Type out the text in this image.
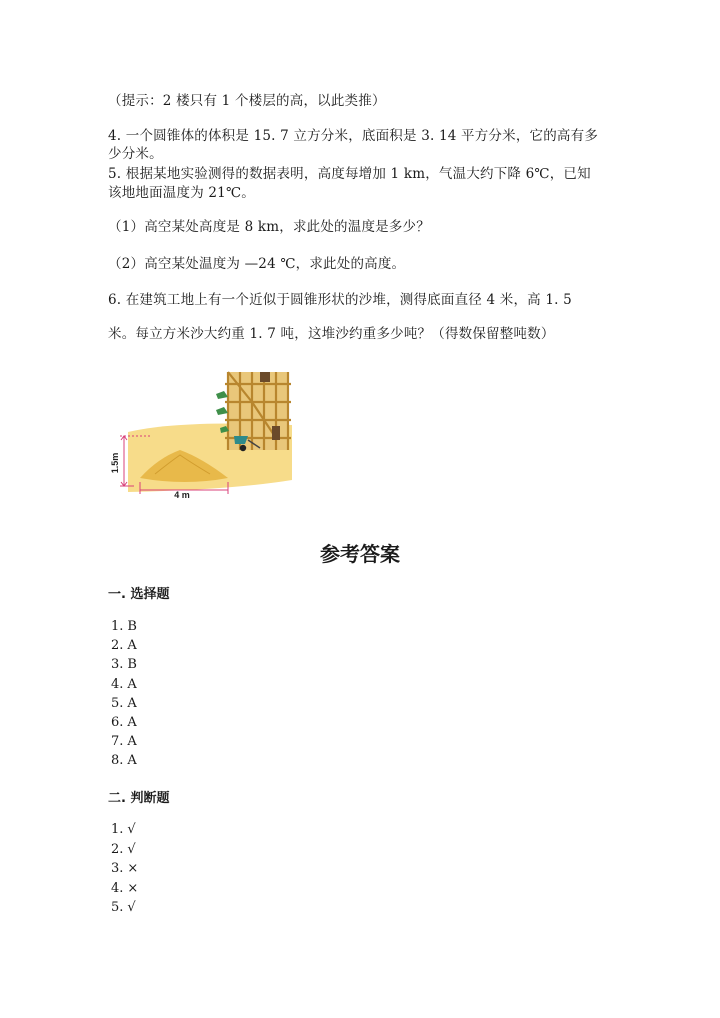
（提示：2 楼只有 1 个楼层的高，以此类推）
4. 一个圆锥体的体积是 15. 7 立方分米，底面积是 3. 14 平方分米，它的高有多
少分米。
5. 根据某地实验测得的数据表明，高度每增加 1 km，气温大约下降 6℃，已知
该地地面温度为 21℃。
（1）高空某处高度是 8 km，求此处的温度是多少？
（2）高空某处温度为 —24 ℃，求此处的高度。
6. 在建筑工地上有一个近似于圆锥形状的沙堆，测得底面直径 4 米，高 1. 5
米。每立方米沙大约重 1. 7 吨，这堆沙约重多少吨？（得数保留整吨数）
1.5m
4 m
参考答案
一. 选择题
1. B
2. A
3. B
4. A
5. A
6. A
7. A
8. A
二. 判断题
1. √
2. √
3. ×
4. ×
5. √
